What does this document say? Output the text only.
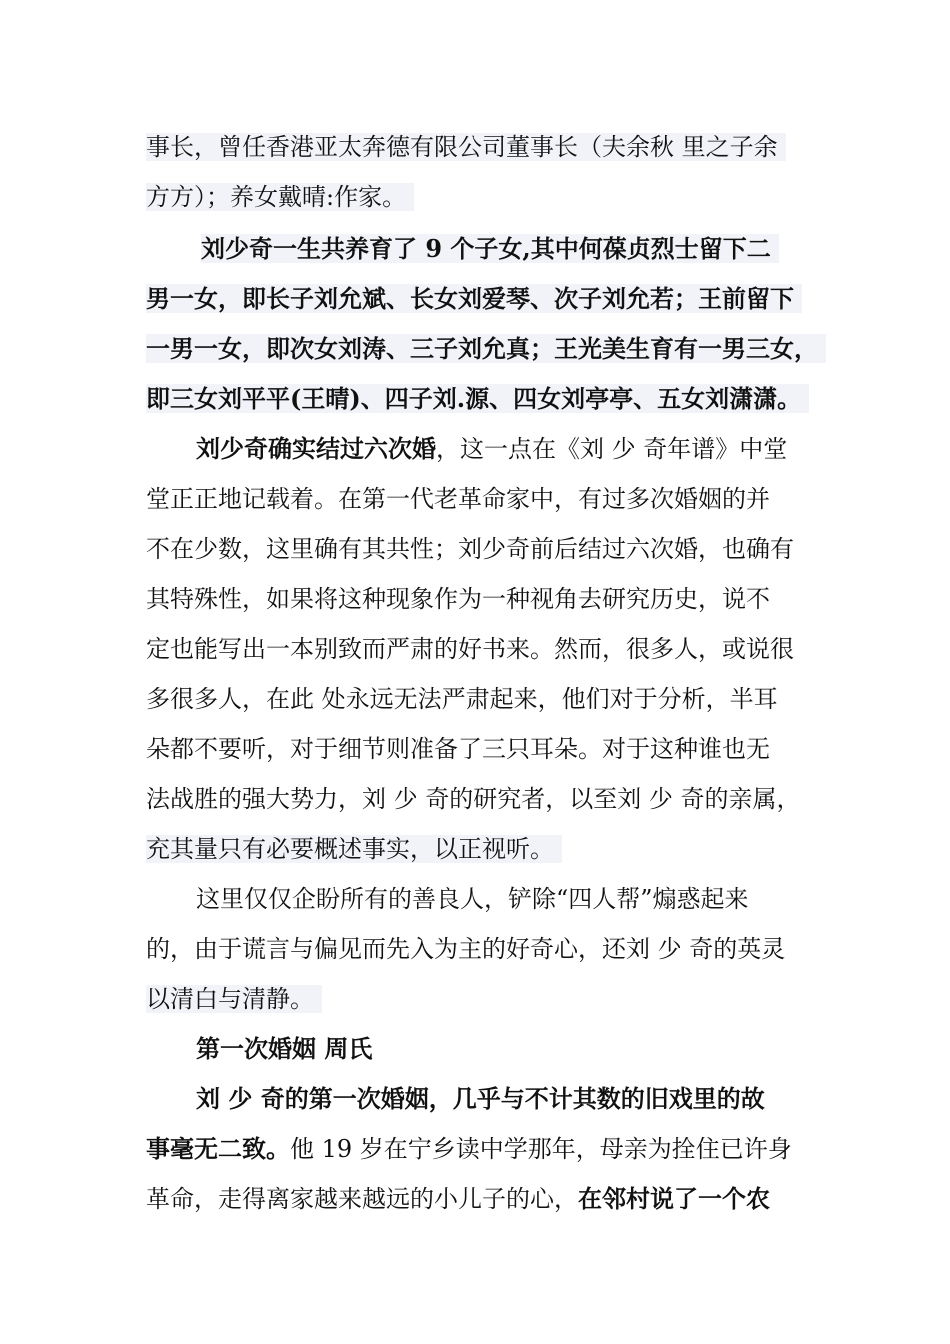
事长，曾任香港亚太奔德有限公司董事长（夫余秋 里之子余
方方）；养女戴晴:作家。
刘少奇一生共养育了 9 个子女,其中何葆贞烈士留下二
男一女，即长子刘允斌、长女刘爱琴、次子刘允若；王前留下
一男一女，即次女刘涛、三子刘允真；王光美生育有一男三女，
即三女刘平平(王晴)、四子刘.源、四女刘亭亭、五女刘潇潇。
刘少奇确实结过六次婚，这一点在《刘 少 奇年谱》中堂
堂正正地记载着。在第一代老革命家中，有过多次婚姻的并
不在少数，这里确有其共性；刘少奇前后结过六次婚，也确有
其特殊性，如果将这种现象作为一种视角去研究历史，说不
定也能写出一本别致而严肃的好书来。然而，很多人，或说很
多很多人，在此 处永远无法严肃起来，他们对于分析，半耳
朵都不要听，对于细节则准备了三只耳朵。对于这种谁也无
法战胜的强大势力，刘 少 奇的研究者，以至刘 少 奇的亲属，
充其量只有必要概述事实，以正视听。
这里仅仅企盼所有的善良人，铲除“四人帮”煽惑起来
的，由于谎言与偏见而先入为主的好奇心，还刘 少 奇的英灵
以清白与清静。
第一次婚姻 周氏
刘 少 奇的第一次婚姻，几乎与不计其数的旧戏里的故
事毫无二致。他 19 岁在宁乡读中学那年，母亲为拴住已许身
革命，走得离家越来越远的小儿子的心，在邻村说了一个农
